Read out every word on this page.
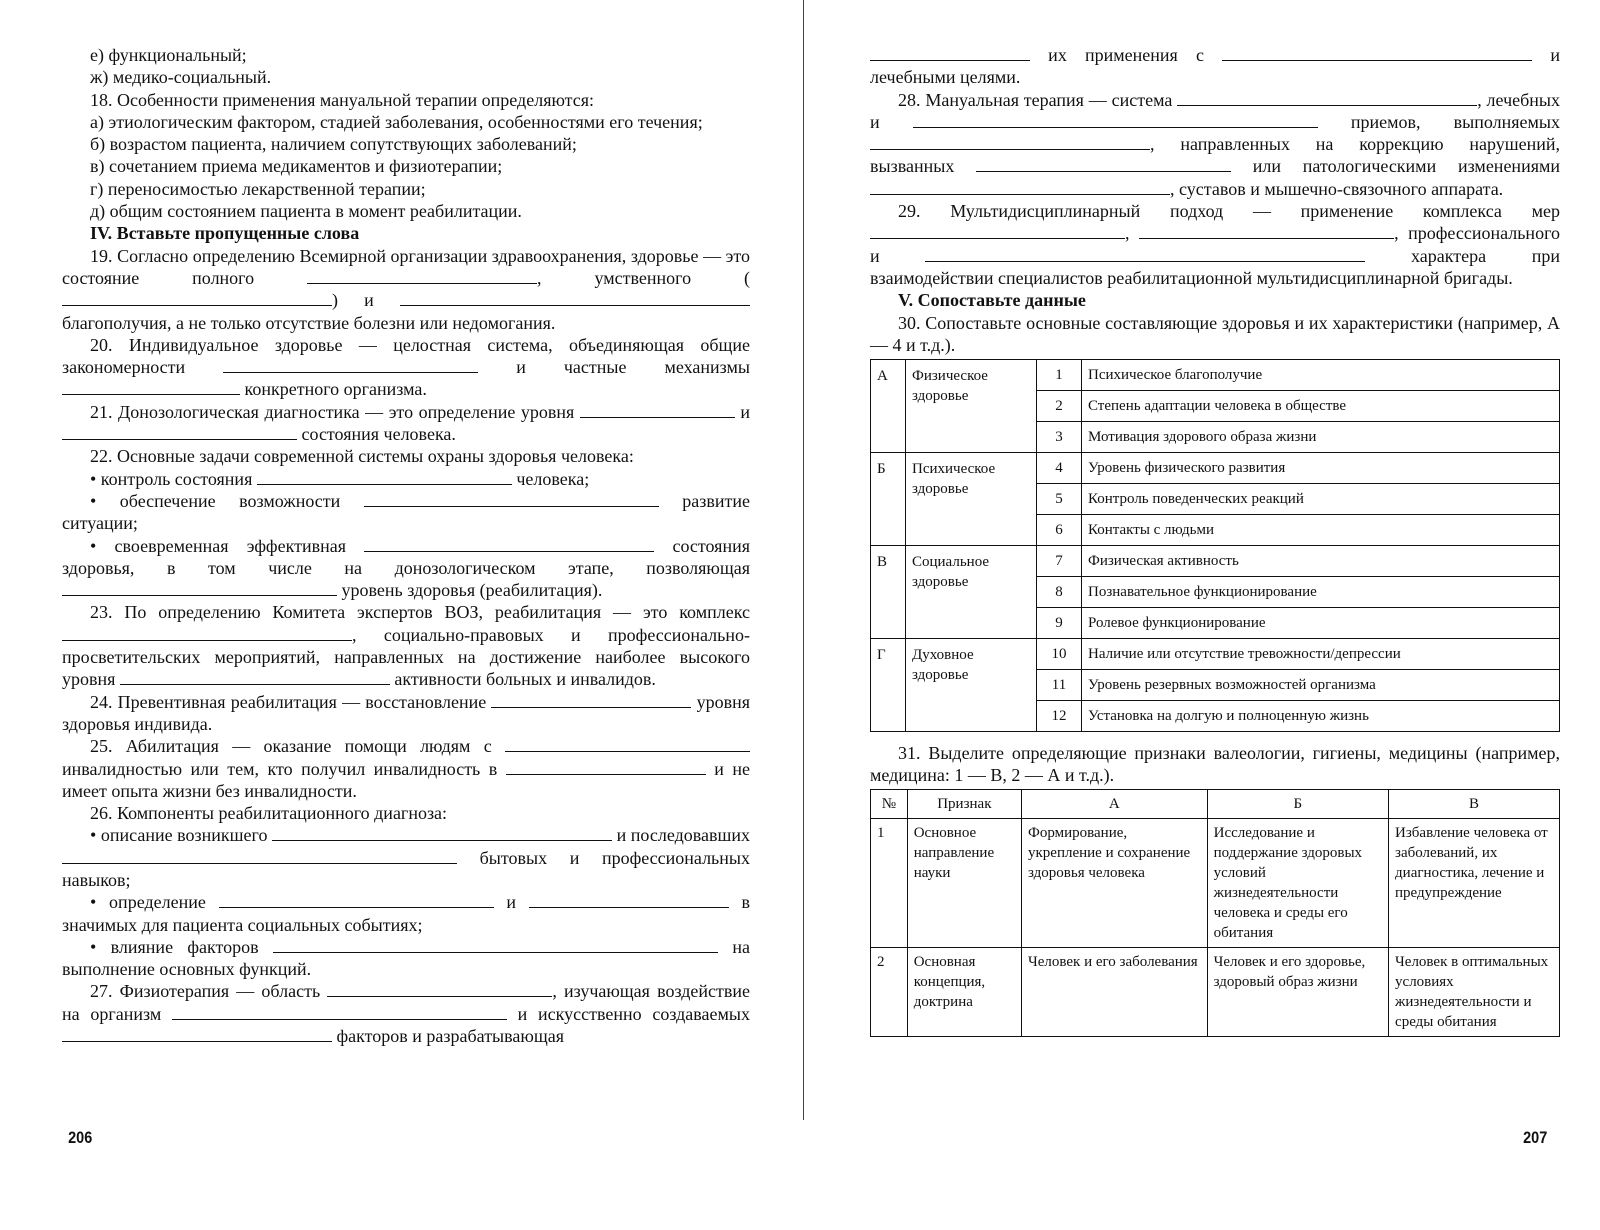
е) функциональный;

ж) медико-социальный.

18. Особенности применения мануальной терапии определяются:

а) этиологическим фактором, стадией заболевания, особенностями его течения;

б) возрастом пациента, наличием сопутствующих заболеваний;

в) сочетанием приема медикаментов и физиотерапии;

г) переносимостью лекарственной терапии;

д) общим состоянием пациента в момент реабилитации.

IV. Вставьте пропущенные слова

19. Согласно определению Всемирной организации здравоохранения, здоровье — это состояние полного	, умственного () и  благополучия, а не только отсутствие болезни или недомогания.

20. Индивидуальное здоровье — целостная система, объединяющая общие закономерности	и частные механизмы  конкретного организма.

21. Донозологическая диагностика — это определение уровня	и  состояния человека.

22. Основные задачи современной системы охраны здоровья человека:

• контроль состояния	человека;

• обеспечение возможности	развитие ситуации;

• своевременная эффективная	состояния здоровья, в том числе на донозологическом этапе, позволяющая  уровень здоровья (реабилитация).

23. По определению Комитета экспертов ВОЗ, реабилитация — это комплекс , социально-правовых и профессионально-просветительских мероприятий, направленных на достижение наиболее высокого уровня	активности больных и инвалидов.

24. Превентивная реабилитация — восстановление	уровня здоровья индивида.

25. Абилитация — оказание помощи людям с  инвалидностью или тем, кто получил инвалидность в	и не имеет опыта жизни без инвалидности.

26. Компоненты реабилитационного диагноза:

• описание возникшего	и последовавших  бытовых и профессиональных навыков;

• определение	и	в значимых для пациента социальных событиях;

• влияние факторов	на выполнение основных функций.

27. Физиотерапия — область	, изучающая воздействие на организм	и искусственно создаваемых  факторов и разрабатывающая

206

их применения с	и лечебными целями.

28. Мануальная терапия — система	, лечебных и	приемов, выполняемых , направленных на коррекцию нарушений, вызванных	или патологическими изменениями , суставов и мышечно-связочного аппарата.

29. Мультидисциплинарный подход — применение комплекса мер ,	, профессионального и	характера при взаимодействии специалистов реабилитационной мультидисциплинарной бригады.

V. Сопоставьте данные

30. Сопоставьте основные составляющие здоровья и их характеристики (например, А — 4 и т.д.).

А	Физическое здоровье	1	Психическое благополучие
		2	Степень адаптации человека в обществе
		3	Мотивация здорового образа жизни
Б	Психическое здоровье	4	Уровень физического развития
		5	Контроль поведенческих реакций
		6	Контакты с людьми
В	Социальное здоровье	7	Физическая активность
		8	Познавательное функционирование
		9	Ролевое функционирование
Г	Духовное здоровье	10	Наличие или отсутствие тревожности/депрессии
		11	Уровень резервных возможностей организма
		12	Установка на долгую и полноценную жизнь

31. Выделите определяющие признаки валеологии, гигиены, медицины (например, медицина: 1 — В, 2 — А и т.д.).

№	Признак	А	Б	В
1	Основное направление науки	Формирование, укрепление и сохранение здоровья человека	Исследование и поддержание здоровых условий жизнедеятельности человека и среды его обитания	Избавление человека от заболеваний, их диагностика, лечение и предупреждение
2	Основная концепция, доктрина	Человек и его заболевания	Человек и его здоровье, здоровый образ жизни	Человек в оптимальных условиях жизнедеятельности и среды обитания
207
